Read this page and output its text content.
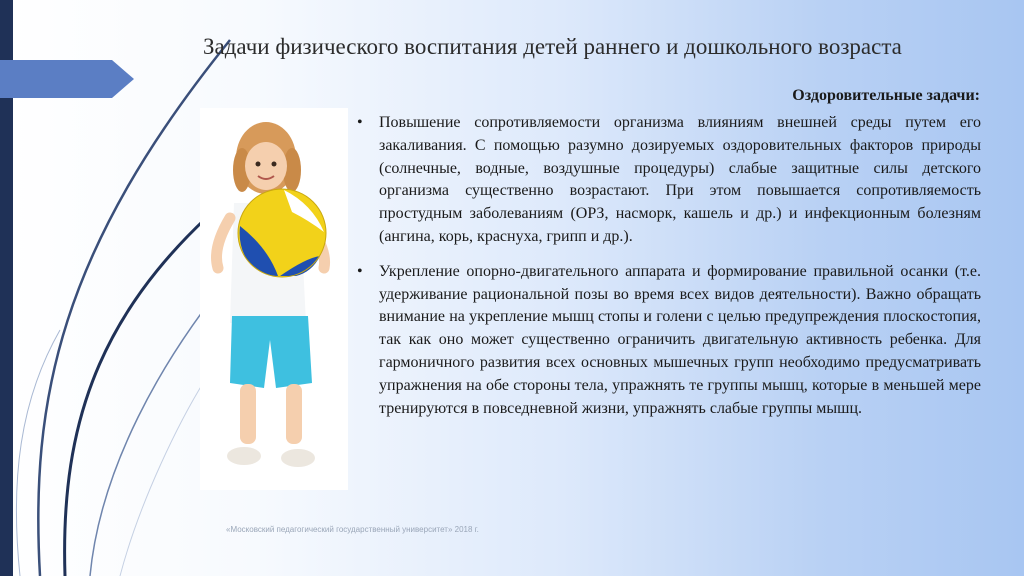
Задачи физического воспитания детей раннего и дошкольного возраста
Оздоровительные задачи:
• Повышение сопротивляемости организма влияниям внешней среды путем его закаливания. С помощью разумно дозируемых оздоровительных факторов природы (солнечные, водные, воздушные процедуры) слабые защитные силы детского организма существенно возрастают. При этом повышается сопротивляемость простудным заболеваниям (ОРЗ, насморк, кашель и др.) и инфекционным болезням (ангина, корь, краснуха, грипп и др.).
• Укрепление опорно-двигательного аппарата и формирование правильной осанки (т.е. удерживание рациональной позы во время всех видов деятельности). Важно обращать внимание на укрепление мышц стопы и голени с целью предупреждения плоскостопия, так как оно может существенно ограничить двигательную активность ребенка. Для гармоничного развития всех основных мышечных групп необходимо предусматривать упражнения на обе стороны тела, упражнять те группы мышц, которые в меньшей мере тренируются в повседневной жизни, упражнять слабые группы мышц.
«Московский педагогический государственный университет» 2018 г.
